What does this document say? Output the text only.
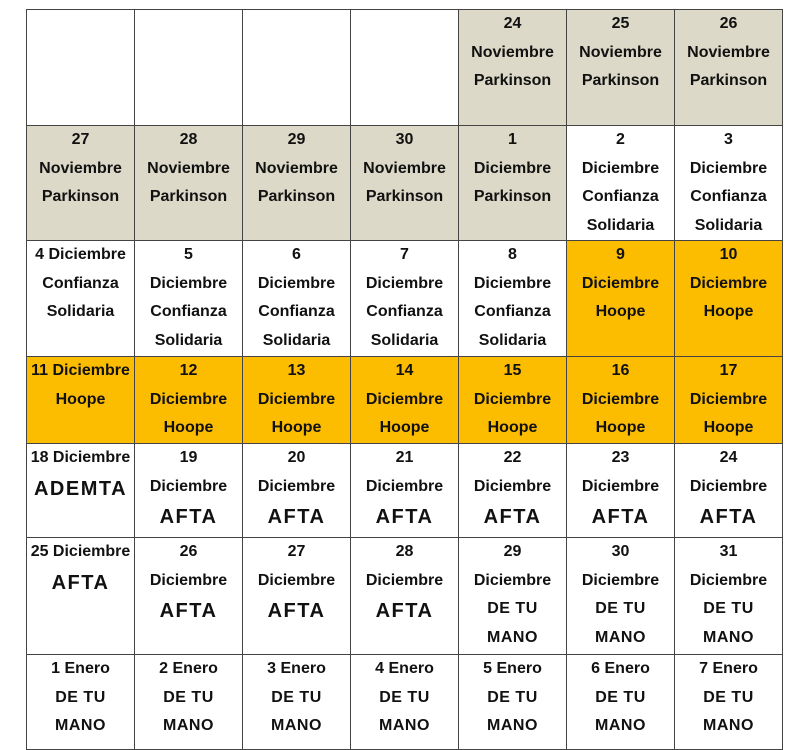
				24
Noviembre
Parkinson	25
Noviembre
Parkinson	26
Noviembre
Parkinson

27
Noviembre
Parkinson	28
Noviembre
Parkinson	29
Noviembre
Parkinson	30
Noviembre
Parkinson	1
Diciembre
Parkinson	2
Diciembre
Confianza
Solidaria	3
Diciembre
Confianza
Solidaria

4 Diciembre
Confianza
Solidaria	5
Diciembre
Confianza
Solidaria	6
Diciembre
Confianza
Solidaria	7
Diciembre
Confianza
Solidaria	8
Diciembre
Confianza
Solidaria	9
Diciembre
Hoope	10
Diciembre
Hoope

11 Diciembre
Hoope	12
Diciembre
Hoope	13
Diciembre
Hoope	14
Diciembre
Hoope	15
Diciembre
Hoope	16
Diciembre
Hoope	17
Diciembre
Hoope

18 Diciembre
ADEMTA	19
Diciembre
AFTA	20
Diciembre
AFTA	21
Diciembre
AFTA	22
Diciembre
AFTA	23
Diciembre
AFTA	24
Diciembre
AFTA

25 Diciembre
AFTA	26
Diciembre
AFTA	27
Diciembre
AFTA	28
Diciembre
AFTA	29
Diciembre
DE TU
MANO	30
Diciembre
DE TU
MANO	31
Diciembre
DE TU
MANO

1 Enero
DE TU
MANO	2 Enero
DE TU
MANO	3 Enero
DE TU
MANO	4 Enero
DE TU
MANO	5 Enero
DE TU
MANO	6 Enero
DE TU
MANO	7 Enero
DE TU
MANO
